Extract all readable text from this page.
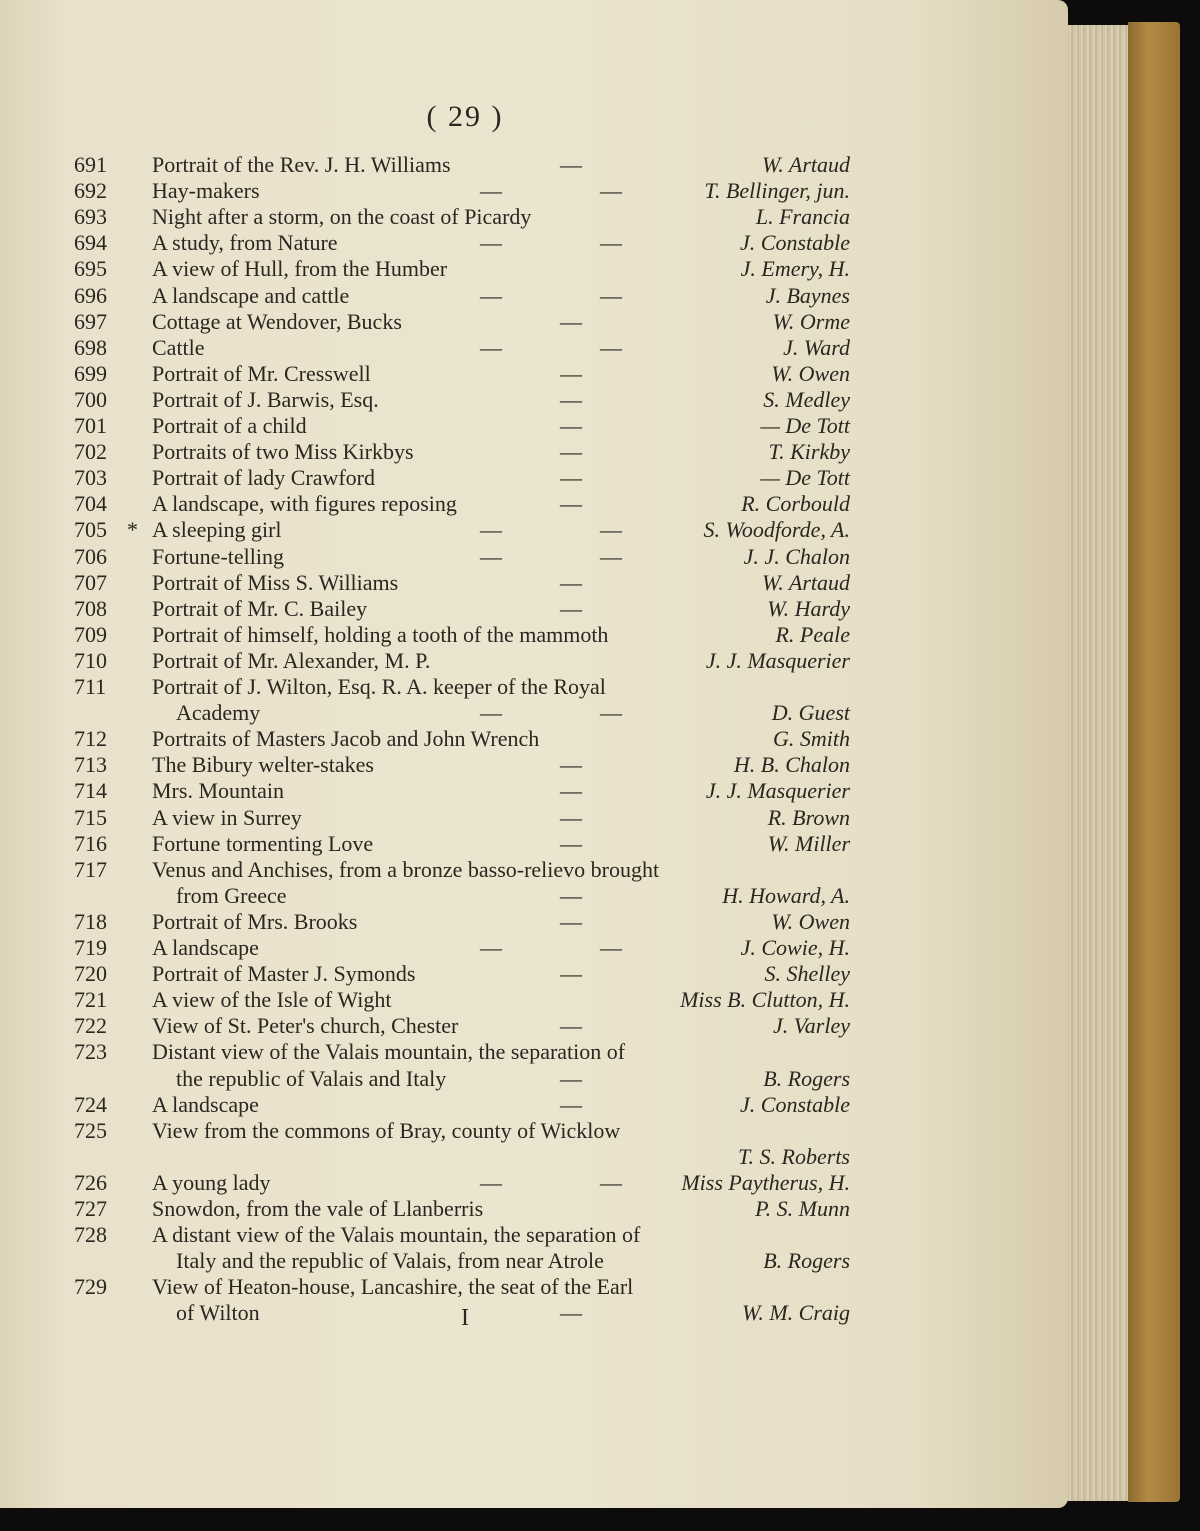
( 29 )
691 Portrait of the Rev. J. H. Williams	—	W. Artaud
692 Hay-makers	—	—	T. Bellinger, jun.
693 Night after a storm, on the coast of Picardy	L. Francia
694 A study, from Nature	—	—	J. Constable
695 A view of Hull, from the Humber	J. Emery, H.
696 A landscape and cattle	—	—	J. Baynes
697 Cottage at Wendover, Bucks	—	W. Orme
698 Cattle	—	—	J. Ward
699 Portrait of Mr. Cresswell	—	W. Owen
700 Portrait of J. Barwis, Esq.	—	S. Medley
701 Portrait of a child	—	— De Tott
702 Portraits of two Miss Kirkbys	—	T. Kirkby
703 Portrait of lady Crawford	—	— De Tott
704 A landscape, with figures reposing	—	R. Corbould
705 * A sleeping girl	—	—	S. Woodforde, A.
706 Fortune-telling	—	—	J. J. Chalon
707 Portrait of Miss S. Williams	—	W. Artaud
708 Portrait of Mr. C. Bailey	—	W. Hardy
709 Portrait of himself, holding a tooth of the mammoth	R. Peale
710 Portrait of Mr. Alexander, M. P.	J. J. Masquerier
711 Portrait of J. Wilton, Esq. R. A. keeper of the Royal
Academy	—	—	D. Guest
712 Portraits of Masters Jacob and John Wrench	G. Smith
713 The Bibury welter-stakes	—	H. B. Chalon
714 Mrs. Mountain	—	J. J. Masquerier
715 A view in Surrey	—	R. Brown
716 Fortune tormenting Love	—	W. Miller
717 Venus and Anchises, from a bronze basso-relievo brought
from Greece	—	H. Howard, A.
718 Portrait of Mrs. Brooks	—	W. Owen
719 A landscape	—	—	J. Cowie, H.
720 Portrait of Master J. Symonds	—	S. Shelley
721 A view of the Isle of Wight	Miss B. Clutton, H.
722 View of St. Peter's church, Chester	—	J. Varley
723 Distant view of the Valais mountain, the separation of
the republic of Valais and Italy	—	B. Rogers
724 A landscape	—	J. Constable
725 View from the commons of Bray, county of Wicklow
T. S. Roberts
726 A young lady	—	—	Miss Paytherus, H.
727 Snowdon, from the vale of Llanberris	P. S. Munn
728 A distant view of the Valais mountain, the separation of
Italy and the republic of Valais, from near Atrole	B. Rogers
729 View of Heaton-house, Lancashire, the seat of the Earl
of Wilton	—	W. M. Craig
I
